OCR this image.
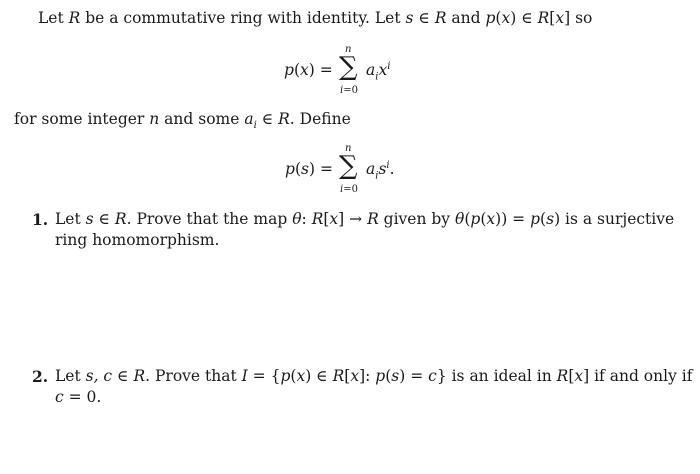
Let R be a commutative ring with identity. Let s ∈ R and p(x) ∈ R[x] so
p(x) =
n
∑
i=0
$a_ix^i$
for some integer n and some $a_i$ ∈ R. Define
p(s) =
n
∑
i=0
$a_is^i$.
1. Let s ∈ R. Prove that the map θ: R[x] → R given by θ(p(x)) = p(s) is a surjective
ring homomorphism.
2. Let s, c ∈ R. Prove that I = {p(x) ∈ R[x]: p(s) = c} is an ideal in R[x] if and only if
c = 0.
